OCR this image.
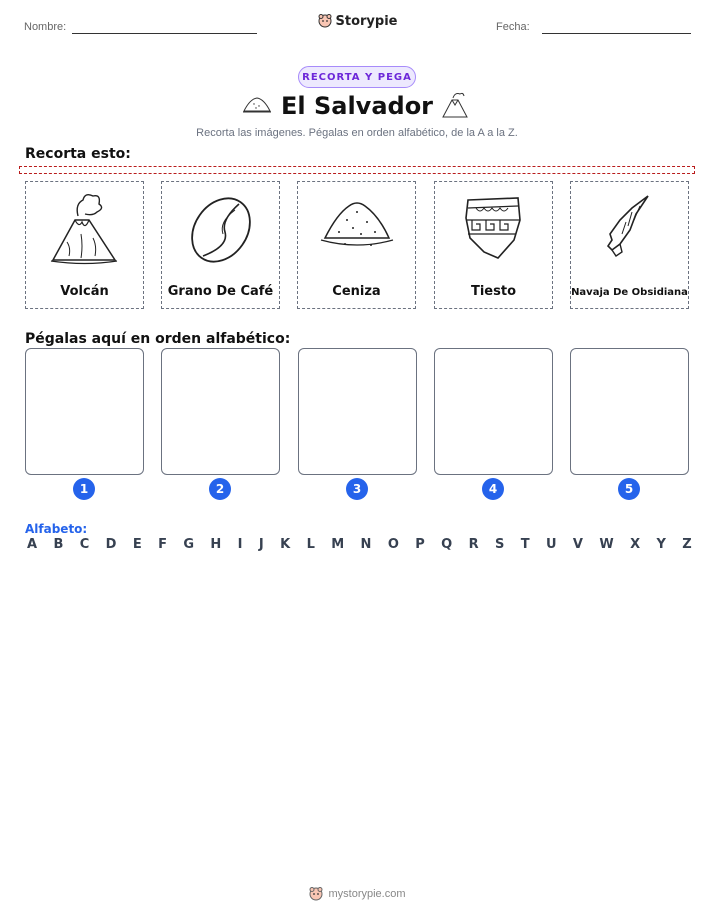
Nombre:	Storypie	Fecha:
RECORTA Y PEGA
El Salvador
Recorta las imágenes. Pégalas en orden alfabético, de la A a la Z.
Recorta esto:
Volcán	Grano De Café	Ceniza	Tiesto	Navaja De Obsidiana
Pégalas aquí en orden alfabético:
1	2	3	4	5
Alfabeto:
A B C D E F G H I J K L M N O P Q R S T U V W X Y Z
mystorypie.com
